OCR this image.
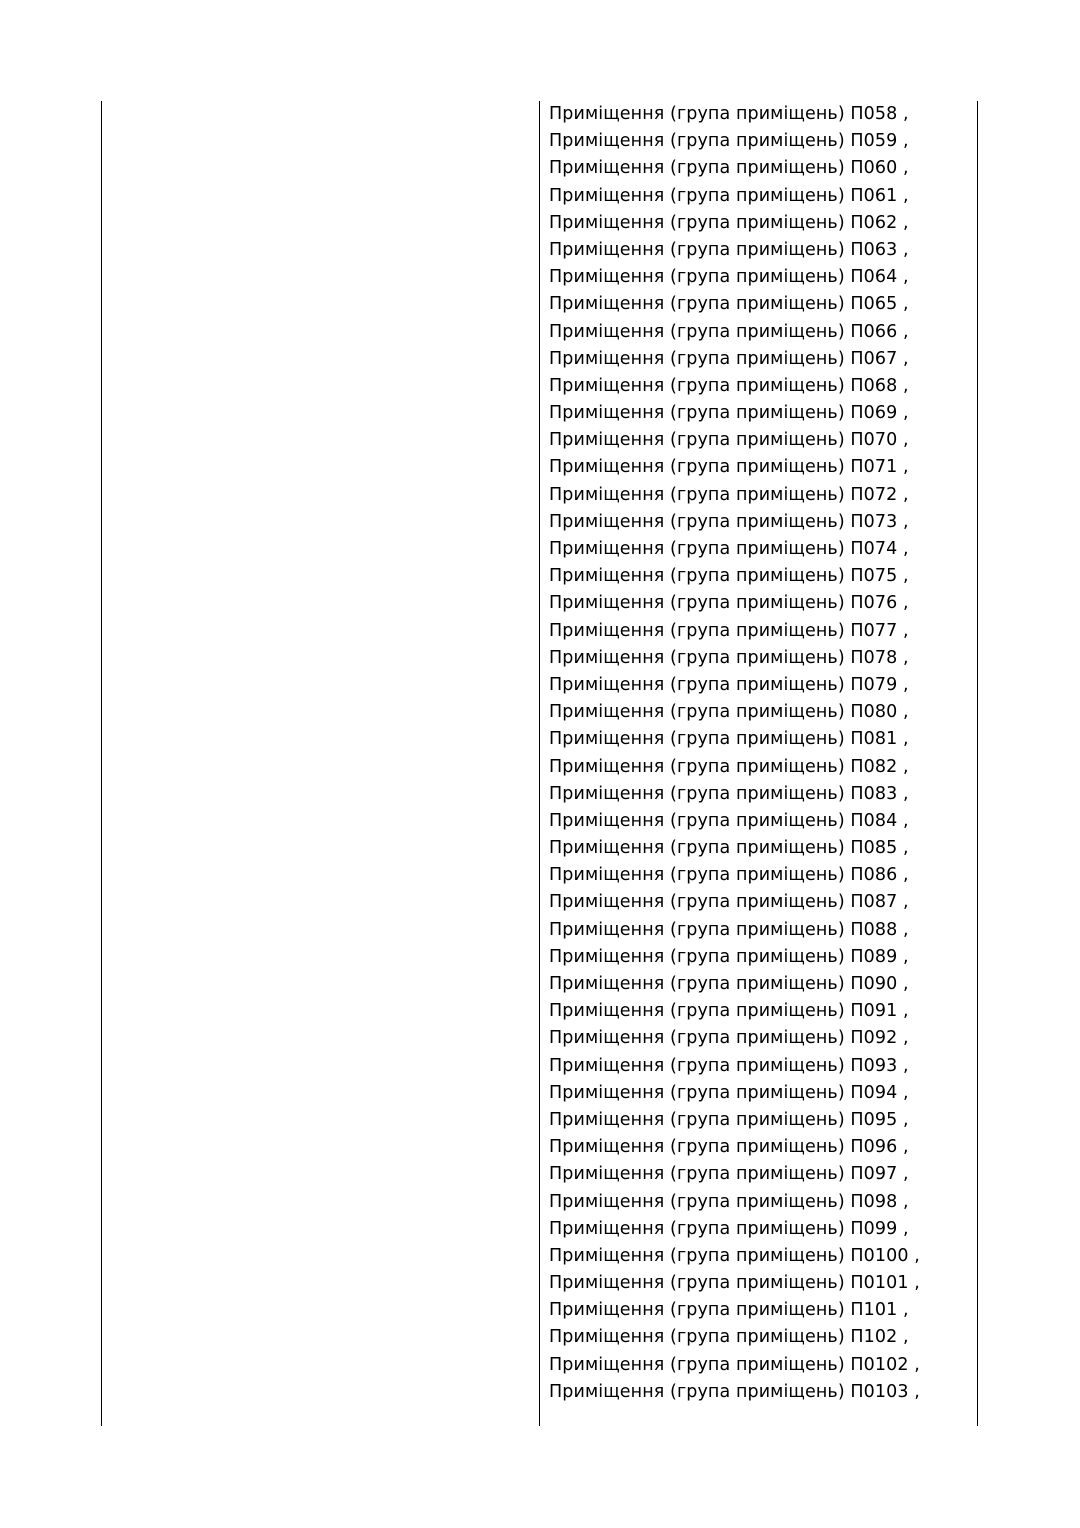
Приміщення (група приміщень) П058 ,
Приміщення (група приміщень) П059 ,
Приміщення (група приміщень) П060 ,
Приміщення (група приміщень) П061 ,
Приміщення (група приміщень) П062 ,
Приміщення (група приміщень) П063 ,
Приміщення (група приміщень) П064 ,
Приміщення (група приміщень) П065 ,
Приміщення (група приміщень) П066 ,
Приміщення (група приміщень) П067 ,
Приміщення (група приміщень) П068 ,
Приміщення (група приміщень) П069 ,
Приміщення (група приміщень) П070 ,
Приміщення (група приміщень) П071 ,
Приміщення (група приміщень) П072 ,
Приміщення (група приміщень) П073 ,
Приміщення (група приміщень) П074 ,
Приміщення (група приміщень) П075 ,
Приміщення (група приміщень) П076 ,
Приміщення (група приміщень) П077 ,
Приміщення (група приміщень) П078 ,
Приміщення (група приміщень) П079 ,
Приміщення (група приміщень) П080 ,
Приміщення (група приміщень) П081 ,
Приміщення (група приміщень) П082 ,
Приміщення (група приміщень) П083 ,
Приміщення (група приміщень) П084 ,
Приміщення (група приміщень) П085 ,
Приміщення (група приміщень) П086 ,
Приміщення (група приміщень) П087 ,
Приміщення (група приміщень) П088 ,
Приміщення (група приміщень) П089 ,
Приміщення (група приміщень) П090 ,
Приміщення (група приміщень) П091 ,
Приміщення (група приміщень) П092 ,
Приміщення (група приміщень) П093 ,
Приміщення (група приміщень) П094 ,
Приміщення (група приміщень) П095 ,
Приміщення (група приміщень) П096 ,
Приміщення (група приміщень) П097 ,
Приміщення (група приміщень) П098 ,
Приміщення (група приміщень) П099 ,
Приміщення (група приміщень) П0100 ,
Приміщення (група приміщень) П0101 ,
Приміщення (група приміщень) П101 ,
Приміщення (група приміщень) П102 ,
Приміщення (група приміщень) П0102 ,
Приміщення (група приміщень) П0103 ,
